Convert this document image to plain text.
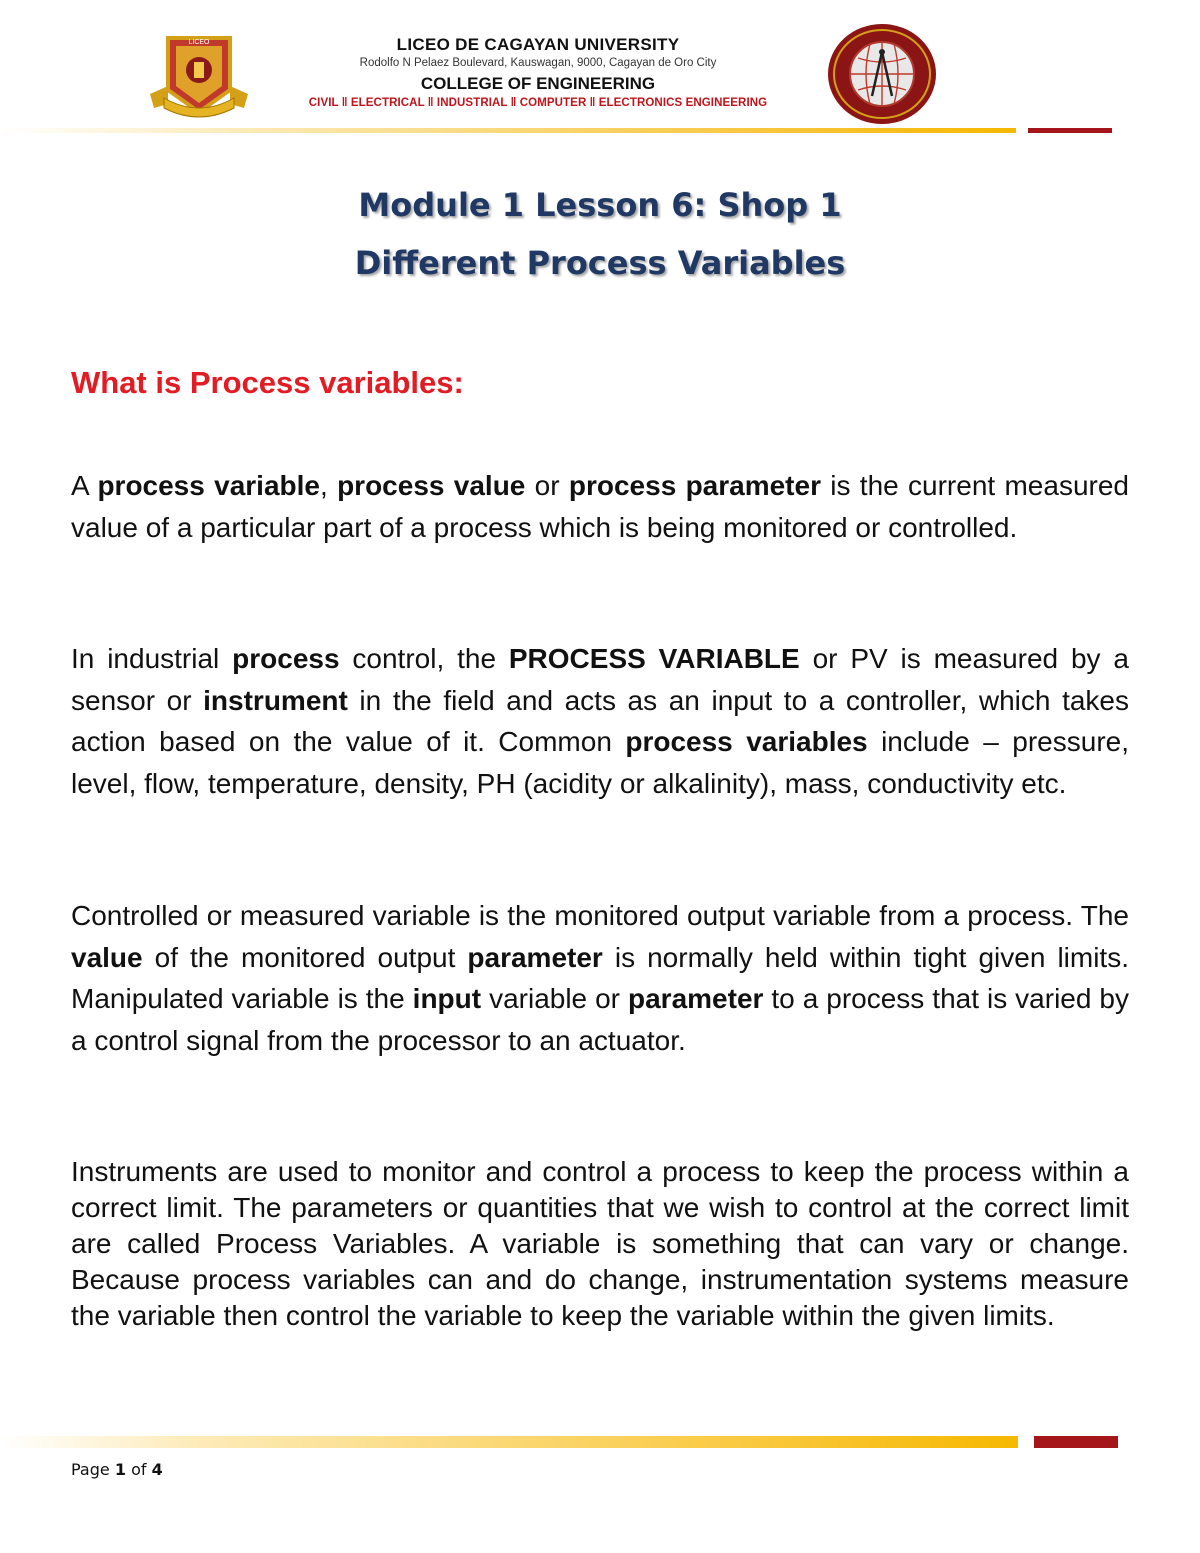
LICEO	LICEO DE CAGAYAN UNIVERSITY

Rodolfo N Pelaez Boulevard, Kauswagan, 9000, Cagayan de Oro City

COLLEGE OF ENGINEERING

CIVIL ǁ ELECTRICAL ǁ INDUSTRIAL ǁ COMPUTER ǁ ELECTRONICS ENGINEERING

Module 1 Lesson 6: Shop 1
Different Process Variables
What is Process variables:

A process variable, process value or process parameter is the current measured value of a particular part of a process which is being monitored or controlled.

In industrial process control, the PROCESS VARIABLE or PV is measured by a sensor or instrument in the field and acts as an input to a controller, which takes action based on the value of it. Common process variables include – pressure, level, flow, temperature, density, PH (acidity or alkalinity), mass, conductivity etc.

Controlled or measured variable is the monitored output variable from a process. The value of the monitored output parameter is normally held within tight given limits. Manipulated variable is the input variable or parameter to a process that is varied by a control signal from the processor to an actuator.

Instruments are used to monitor and control a process to keep the process within a correct limit. The parameters or quantities that we wish to control at the correct limit are called Process Variables. A variable is something that can vary or change. Because process variables can and do change, instrumentation systems measure the variable then control the variable to keep the variable within the given limits.

Page 1 of 4
